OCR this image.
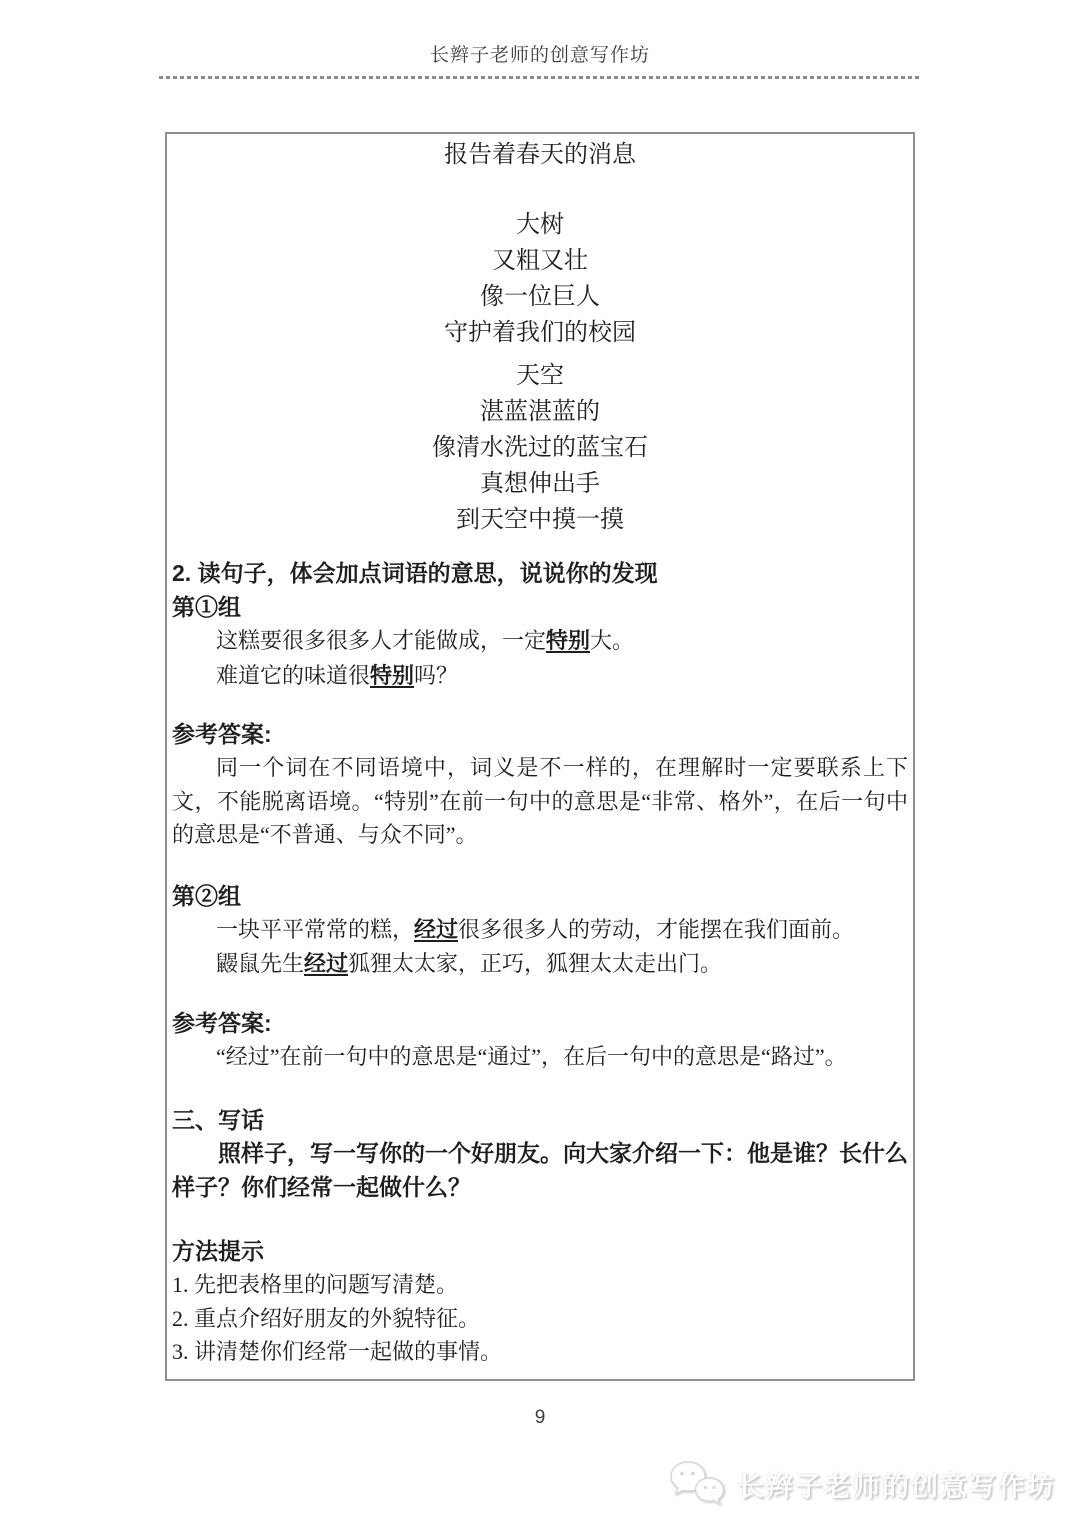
长辫子老师的创意写作坊

报告着春天的消息

大树

又粗又壮

像一位巨人

守护着我们的校园

天空

湛蓝湛蓝的

像清水洗过的蓝宝石

真想伸出手

到天空中摸一摸

2. 读句子，体会加点词语的意思，说说你的发现
第①组

这糕要很多很多人才能做成，一定特别大。

难道它的味道很特别吗？

参考答案:

同一个词在不同语境中，词义是不一样的，在理解时一定要联系上下文，不能脱离语境。“特别”在前一句中的意思是“非常、格外”，在后一句中的意思是“不普通、与众不同”。

第②组

一块平平常常的糕，经过很多很多人的劳动，才能摆在我们面前。

鼹鼠先生经过狐狸太太家，正巧，狐狸太太走出门。

参考答案:

“经过”在前一句中的意思是“通过”，在后一句中的意思是“路过”。

三、写话

照样子，写一写你的一个好朋友。向大家介绍一下：他是谁？长什么样子？你们经常一起做什么？

方法提示

1. 先把表格里的问题写清楚。

2. 重点介绍好朋友的外貌特征。

3. 讲清楚你们经常一起做的事情。

9
长辫子老师的创意写作坊
